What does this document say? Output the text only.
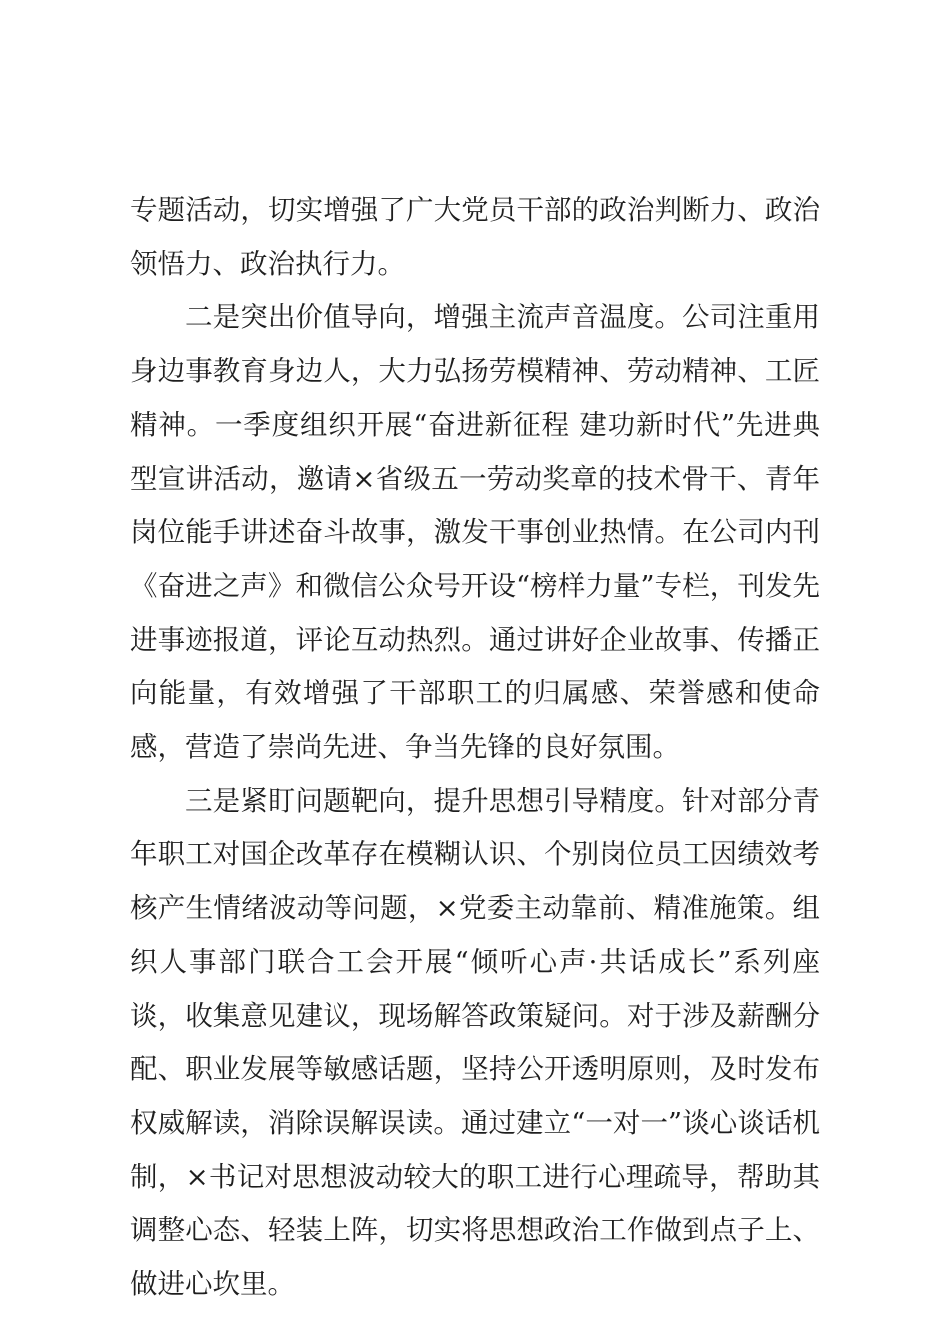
专题活动，切实增强了广大党员干部的政治判断力、政治领悟力、政治执行力。

二是突出价值导向，增强主流声音温度。公司注重用身边事教育身边人，大力弘扬劳模精神、劳动精神、工匠精神。一季度组织开展“奋进新征程 建功新时代”先进典型宣讲活动，邀请×省级五一劳动奖章的技术骨干、青年岗位能手讲述奋斗故事，激发干事创业热情。在公司内刊《奋进之声》和微信公众号开设“榜样力量”专栏，刊发先进事迹报道，评论互动热烈。通过讲好企业故事、传播正向能量，有效增强了干部职工的归属感、荣誉感和使命感，营造了崇尚先进、争当先锋的良好氛围。

三是紧盯问题靶向，提升思想引导精度。针对部分青年职工对国企改革存在模糊认识、个别岗位员工因绩效考核产生情绪波动等问题，×党委主动靠前、精准施策。组织人事部门联合工会开展“倾听心声·共话成长”系列座谈，收集意见建议，现场解答政策疑问。对于涉及薪酬分配、职业发展等敏感话题，坚持公开透明原则，及时发布权威解读，消除误解误读。通过建立“一对一”谈心谈话机制，×书记对思想波动较大的职工进行心理疏导，帮助其调整心态、轻装上阵，切实将思想政治工作做到点子上、做进心坎里。
